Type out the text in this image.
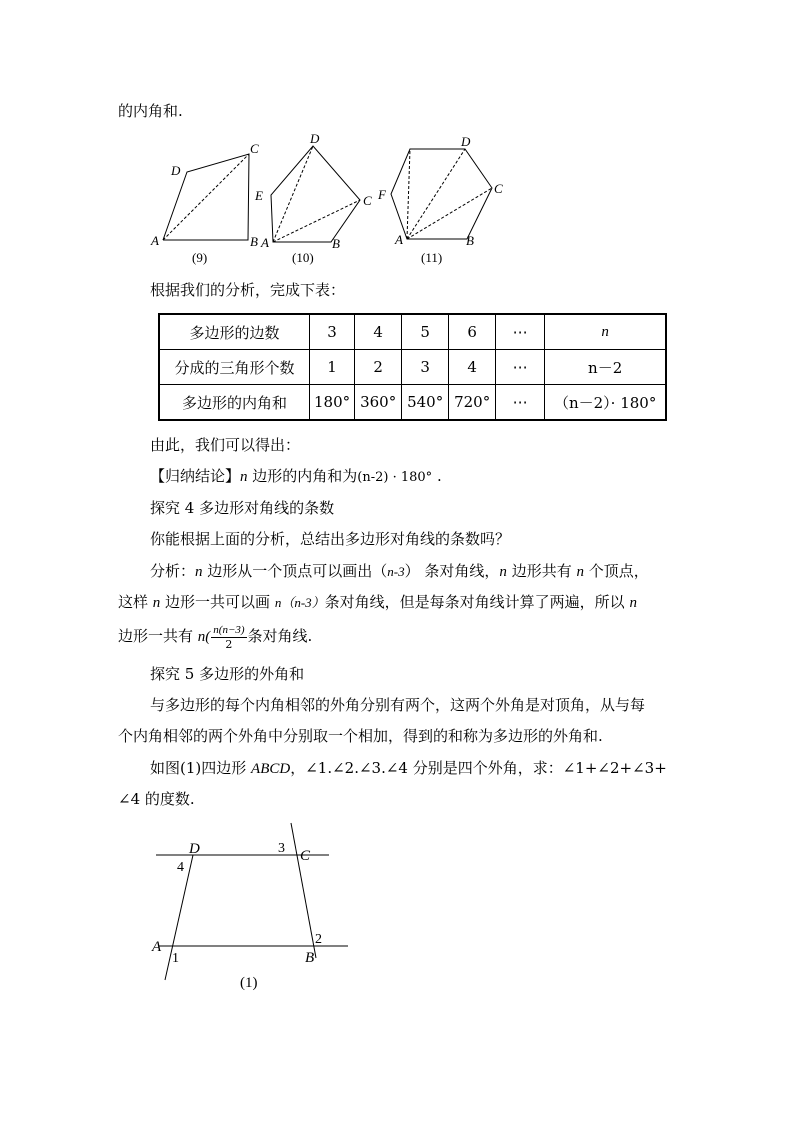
的内角和.
A	B
C
D
(9)
A	B
C
D
E
(10)
A	B
C
D
F
(11)
根据我们的分析，完成下表：
多边形的边数	3	4	5	6	⋯	n
分成的三角形个数	1	2	3	4	⋯	n－2
多边形的内角和	180°	360°	540°	720°	⋯	（n－2）· 180°
由此，我们可以得出：
【归纳结论】n 边形的内角和为(n-2) · 180° .
探究 4 多边形对角线的条数
你能根据上面的分析，总结出多边形对角线的条数吗？
分析：n 边形从一个顶点可以画出（n-3） 条对角线，n 边形共有 n 个顶点，
这样 n 边形一共可以画 n（n-3）条对角线，但是每条对角线计算了两遍，所以 n
边形一共有 $n( \frac{n(n-3)}{2}$ 条对角线.
探究 5 多边形的外角和
与多边形的每个内角相邻的外角分别有两个，这两个外角是对顶角，从与每
个内角相邻的两个外角中分别取一个相加，得到的和称为多边形的外角和.
如图(1)四边形 ABCD，∠1.∠2.∠3.∠4 分别是四个外角，求：∠1+∠2+∠3+
∠4 的度数.
D	C
A
B
4
3
2
1
(1)
